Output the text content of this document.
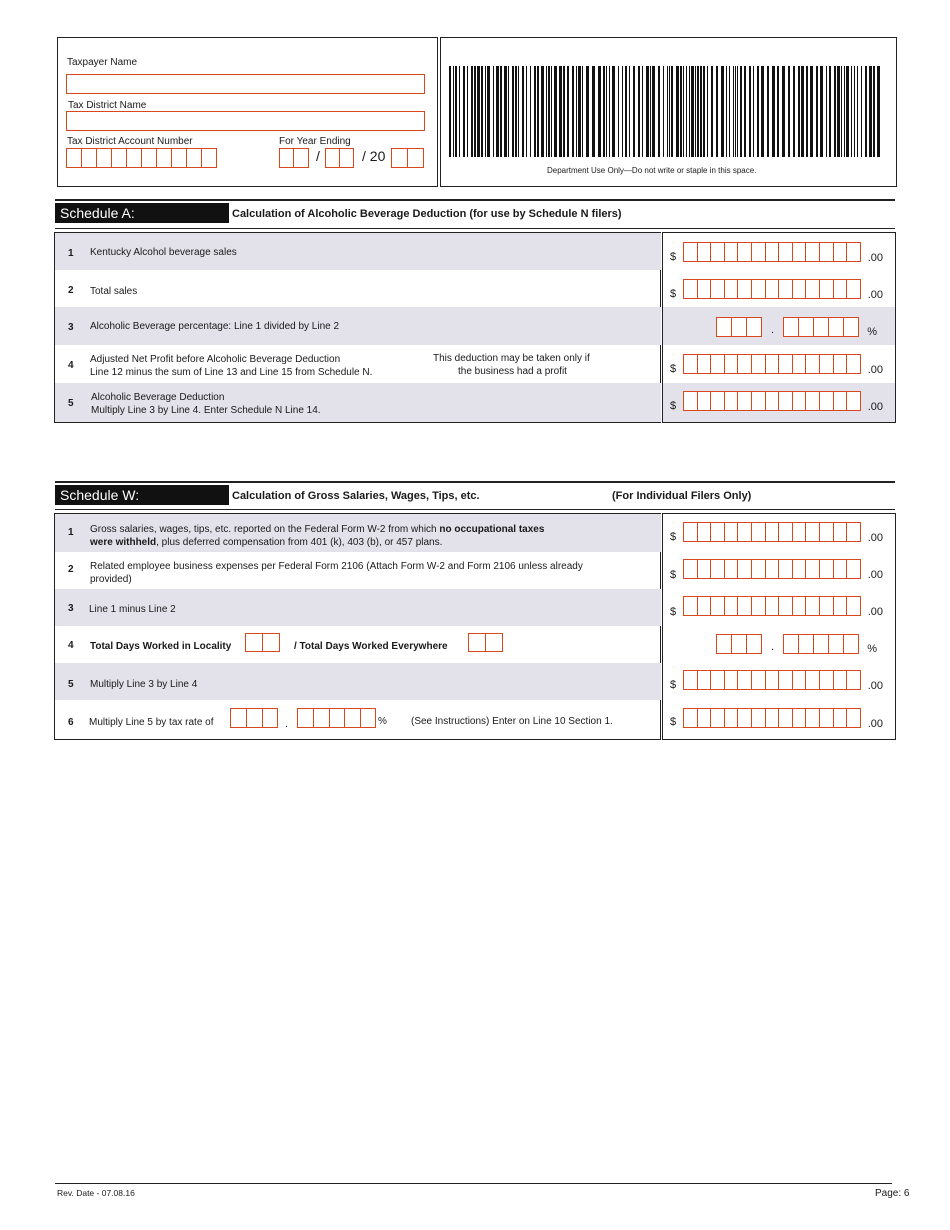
Taxpayer Name
Tax District Name
Tax District Account Number	For Year Ending
/	/ 20
Department Use Only—Do not write or staple in this space.
Schedule A:	Calculation of Alcoholic Beverage Deduction (for use by Schedule N filers)
1 Kentucky Alcohol beverage sales	$	.00
2 Total sales	$	.00
3 Alcoholic Beverage percentage: Line 1 divided by Line 2	.	%
4
Adjusted Net Profit before Alcoholic Beverage Deduction
Line 12 minus the sum of Line 13 and Line 15 from Schedule N.
This deduction may be taken only if
the business had a profit	$	.00
5
Alcoholic Beverage Deduction
Multiply Line 3 by Line 4. Enter Schedule N Line 14.	$	.00
Schedule W:	Calculation of Gross Salaries, Wages, Tips, etc.	(For Individual Filers Only)
1 Gross salaries, wages, tips, etc. reported on the Federal Form W-2 from which no occupational taxes
were withheld, plus deferred compensation from 401 (k), 403 (b), or 457 plans.	$	.00
2 Related employee business expenses per Federal Form 2106 (Attach Form W-2 and Form 2106 unless already
provided)	$	.00
3 Line 1 minus Line 2	$	.00
4 Total Days Worked in Locality	/ Total Days Worked Everywhere	.	%
5 Multiply Line 3 by Line 4	$	.00
6 Multiply Line 5 by tax rate of	.	% (See Instructions) Enter on Line 10 Section 1.	$	.00
Rev. Date - 07.08.16	Page: 6
